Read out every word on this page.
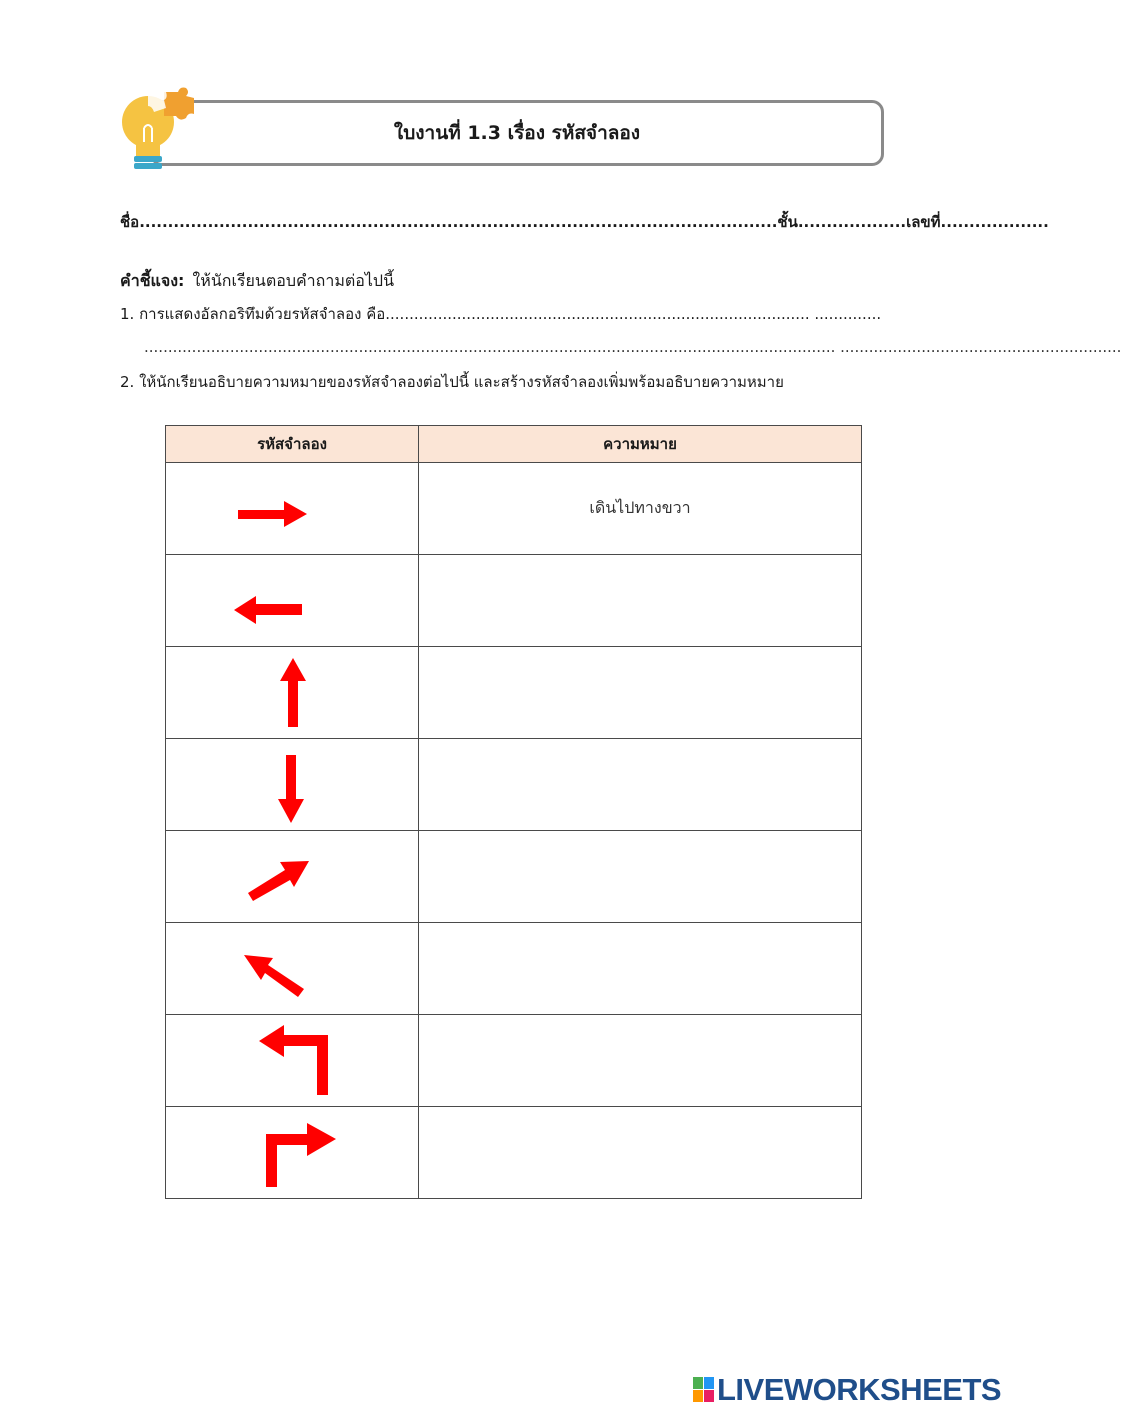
ใบงานที่ 1.3 เรื่อง รหัสจำลอง
ชื่อ................................................................................................................ชั้น...................เลขที่...................
คำชี้แจง: ให้นักเรียนตอบคำถามต่อไปนี้
1. การแสดงอัลกอริทึมด้วยรหัสจำลอง คือ......................................................................................... ..............
................................................................................................................................................. ...........................................................
2. ให้นักเรียนอธิบายความหมายของรหัสจำลองต่อไปนี้ และสร้างรหัสจำลองเพิ่มพร้อมอธิบายความหมาย
รหัสจำลอง	ความหมาย

	เดินไปทางขวา

LIVEWORKSHEETS
